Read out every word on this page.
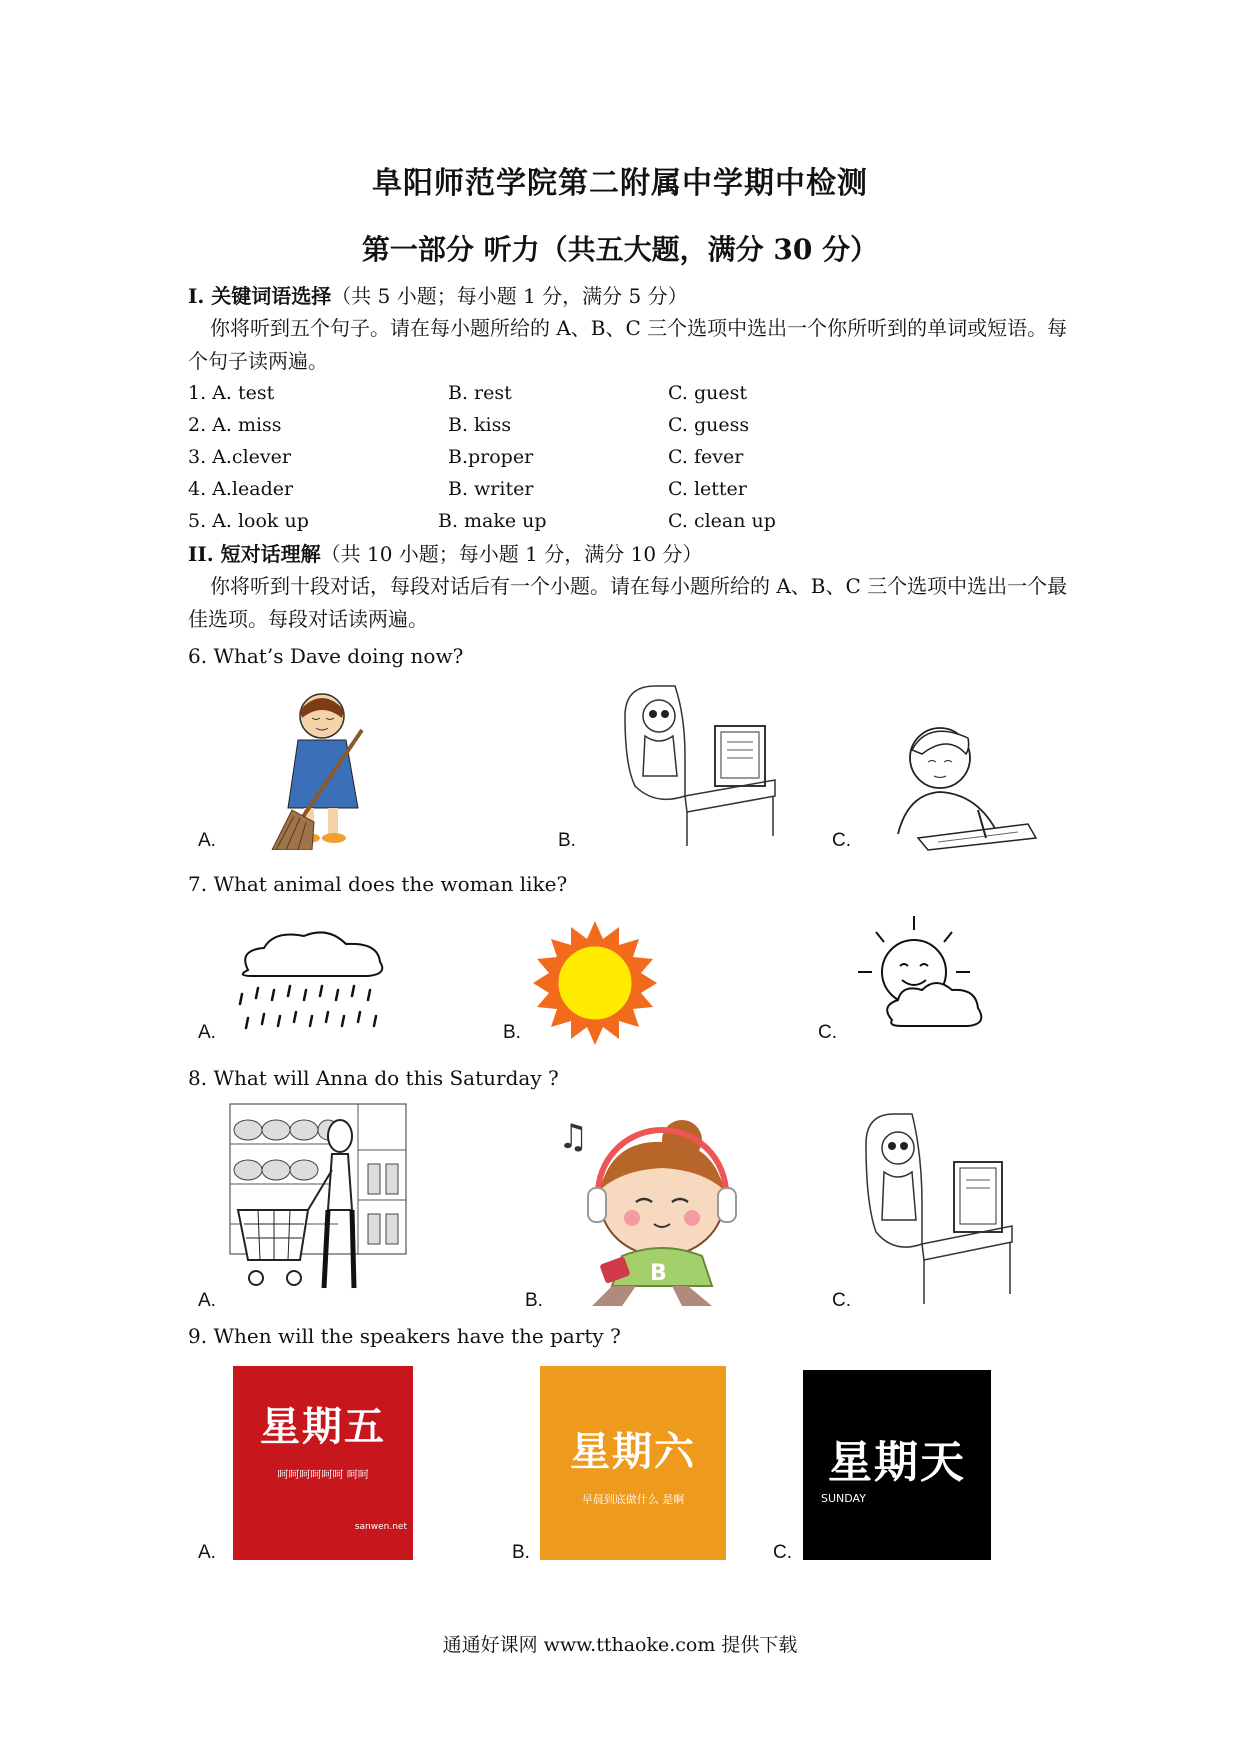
阜阳师范学院第二附属中学期中检测
第一部分 听力（共五大题，满分 30 分）
I. 关键词语选择（共 5 小题；每小题 1 分，满分 5 分）
你将听到五个句子。请在每小题所给的 A、B、C 三个选项中选出一个你所听到的单词或短语。每个句子读两遍。
1. A. test	B. rest	C. guest
2. A. miss	B. kiss	C. guess
3. A.clever	B.proper	C. fever
4. A.leader	B. writer	C. letter
5. A. look up	B. make up	C. clean up
II. 短对话理解（共 10 小题；每小题 1 分，满分 10 分）
你将听到十段对话，每段对话后有一个小题。请在每小题所给的 A、B、C 三个选项中选出一个最佳选项。每段对话读两遍。
6. What’s Dave doing now?
A.	B.	C.
7. What animal does the woman like?
A.	B.	C.
8. What will Anna do this Saturday ?
A.
♫
B
B.	C.
9. When will the speakers have the party ?
星期五
呵呵呵呵呵呵 呵呵
sanwen.net
A.
星期六
早晨到底做什么 是啊
B.
星期天
SUNDAY
C.
通通好课网 www.tthaoke.com 提供下载
